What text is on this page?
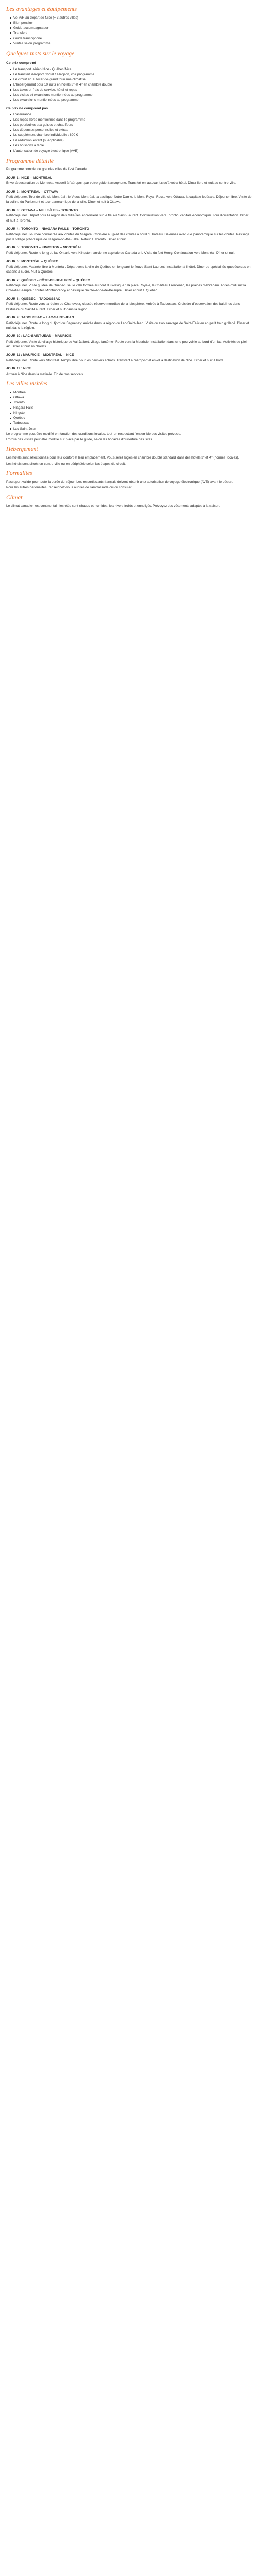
Les avantages et équipements
Vol A/R au départ de Nice (+ 3 autres villes)
Bien-pension
Guide-accompagnateur
Transfert
Guide francophone
Visites selon programme
Quelques mots sur le voyage
Ce prix comprend
Le transport aérien Nice / Québec/Nice
Le transfert aéroport / hôtel / aéroport, voir programme
Le circuit en autocar de grand tourisme climatisé
L'hébergement pour 10 nuits en hôtels 3* et 4* en chambre double
Les taxes et frais de service, hôtel et repas
Les visites et excursions mentionnées au programme
Les excursions mentionnées au programme
Ce prix ne comprend pas
L'assurance
Les repas libres mentionnés dans le programme
Les pourboires aux guides et chauffeurs
Les dépenses personnelles et extras
Le supplément chambre individuelle : 690 €
La réduction enfant (si applicable)
Les boissons à table
L'autorisation de voyage électronique (AVE)
Programme détaillé

Programme complet de grandes villes de l'est Canada

JOUR 1 : NICE – MONTRÉAL

Envol à destination de Montréal. Accueil à l'aéroport par votre guide francophone. Transfert en autocar jusqu'à votre hôtel. Dîner libre et nuit au centre-ville.

JOUR 2 : MONTRÉAL – OTTAWA

Petit-déjeuner. Tour de ville de Montréal : le Vieux-Montréal, la basilique Notre-Dame, le Mont-Royal. Route vers Ottawa, la capitale fédérale. Déjeuner libre. Visite de la colline du Parlement et tour panoramique de la ville. Dîner et nuit à Ottawa.

JOUR 3 : OTTAWA – MILLE-ÎLES – TORONTO

Petit-déjeuner. Départ pour la région des Mille-Îles et croisière sur le fleuve Saint-Laurent. Continuation vers Toronto, capitale économique. Tour d'orientation. Dîner et nuit à Toronto.

JOUR 4 : TORONTO – NIAGARA FALLS – TORONTO

Petit-déjeuner. Journée consacrée aux chutes du Niagara. Croisière au pied des chutes à bord du bateau. Déjeuner avec vue panoramique sur les chutes. Passage par le village pittoresque de Niagara-on-the-Lake. Retour à Toronto. Dîner et nuit.

JOUR 5 : TORONTO – KINGSTON – MONTRÉAL

Petit-déjeuner. Route le long du lac Ontario vers Kingston, ancienne capitale du Canada uni. Visite du fort Henry. Continuation vers Montréal. Dîner et nuit.

JOUR 6 : MONTRÉAL – QUÉBEC

Petit-déjeuner. Matinée libre à Montréal. Départ vers la ville de Québec en longeant le fleuve Saint-Laurent. Installation à l'hôtel. Dîner de spécialités québécoises en cabane à sucre. Nuit à Québec.

JOUR 7 : QUÉBEC – CÔTE-DE-BEAUPRÉ – QUÉBEC

Petit-déjeuner. Visite guidée de Québec, seule ville fortifiée au nord du Mexique : la place Royale, le Château Frontenac, les plaines d'Abraham. Après-midi sur la Côte-de-Beaupré : chutes Montmorency et basilique Sainte-Anne-de-Beaupré. Dîner et nuit à Québec.

JOUR 8 : QUÉBEC – TADOUSSAC

Petit-déjeuner. Route vers la région de Charlevoix, classée réserve mondiale de la biosphère. Arrivée à Tadoussac. Croisière d'observation des baleines dans l'estuaire du Saint-Laurent. Dîner et nuit dans la région.

JOUR 9 : TADOUSSAC – LAC-SAINT-JEAN

Petit-déjeuner. Route le long du fjord du Saguenay. Arrivée dans la région du Lac-Saint-Jean. Visite du zoo sauvage de Saint-Félicien en petit train grillagé. Dîner et nuit dans la région.

JOUR 10 : LAC-SAINT-JEAN – MAURICIE

Petit-déjeuner. Visite du village historique de Val-Jalbert, village fantôme. Route vers la Mauricie. Installation dans une pourvoirie au bord d'un lac. Activités de plein air. Dîner et nuit en chalets.

JOUR 11 : MAURICIE – MONTRÉAL – NICE

Petit-déjeuner. Route vers Montréal. Temps libre pour les derniers achats. Transfert à l'aéroport et envol à destination de Nice. Dîner et nuit à bord.

JOUR 12 : NICE

Arrivée à Nice dans la matinée. Fin de nos services.

Les villes visitées
Montréal
Ottawa
Toronto
Niagara Falls
Kingston
Québec
Tadoussac
Lac-Saint-Jean

Le programme peut être modifié en fonction des conditions locales, tout en respectant l'ensemble des visites prévues.

L'ordre des visites peut être modifié sur place par le guide, selon les horaires d'ouverture des sites.

Hébergement

Les hôtels sont sélectionnés pour leur confort et leur emplacement. Vous serez logés en chambre double standard dans des hôtels 3* et 4* (normes locales).

Les hôtels sont situés en centre-ville ou en périphérie selon les étapes du circuit.

Formalités

Passeport valide pour toute la durée du séjour. Les ressortissants français doivent obtenir une autorisation de voyage électronique (AVE) avant le départ.

Pour les autres nationalités, renseignez-vous auprès de l'ambassade ou du consulat.

Climat

Le climat canadien est continental : les étés sont chauds et humides, les hivers froids et enneigés. Prévoyez des vêtements adaptés à la saison.
